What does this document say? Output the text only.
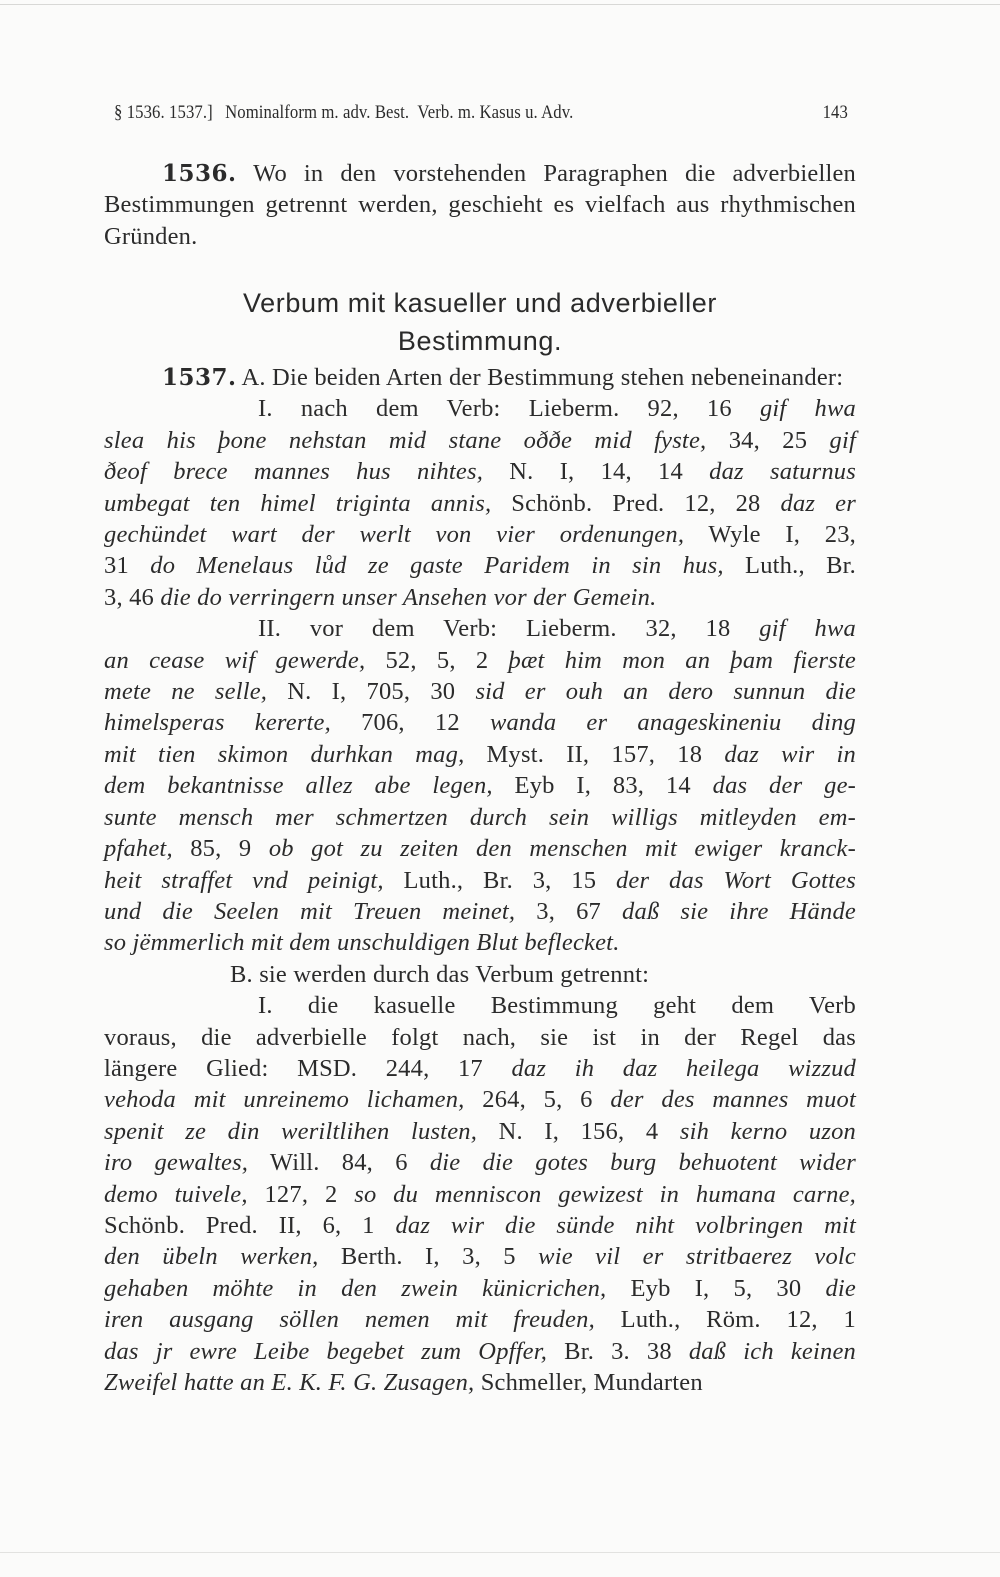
§ 1536. 1537.] Nominalform m. adv. Best.  Verb. m. Kasus u. Adv.	143
1536. Wo in den vorstehenden Paragraphen die adverbiellen Bestimmungen getrennt werden, geschieht es vielfach aus rhythmischen Gründen.
Verbum mit kasueller und adverbieller
Bestimmung.
1537. A. Die beiden Arten der Bestimmung stehen nebeneinander:
I. nach dem Verb: Lieberm. 92, 16 gif hwa
slea his þone nehstan mid stane oððe mid fyste, 34, 25 gif
ðeof brece mannes hus nihtes, N. I, 14, 14 daz saturnus
umbegat ten himel triginta annis, Schönb. Pred. 12, 28 daz er
gechündet wart der werlt von vier ordenungen, Wyle I, 23,
31 do Menelaus lůd ze gaste Paridem in sin hus, Luth., Br.
3, 46 die do verringern unser Ansehen vor der Gemein.
II. vor dem Verb: Lieberm. 32, 18 gif hwa
an cease wif gewerde, 52, 5, 2 þæt him mon an þam fierste
mete ne selle, N. I, 705, 30 sid er ouh an dero sunnun die
himelsperas kererte, 706, 12 wanda er anageskineniu ding
mit tien skimon durhkan mag, Myst. II, 157, 18 daz wir in
dem bekantnisse allez abe legen, Eyb I, 83, 14 das der ge-
sunte mensch mer schmertzen durch sein willigs mitleyden em-
pfahet, 85, 9 ob got zu zeiten den menschen mit ewiger kranck-
heit straffet vnd peinigt, Luth., Br. 3, 15 der das Wort Gottes
und die Seelen mit Treuen meinet, 3, 67 daß sie ihre Hände
so jëmmerlich mit dem unschuldigen Blut beflecket.
B. sie werden durch das Verbum getrennt:
I. die kasuelle Bestimmung geht dem Verb
voraus, die adverbielle folgt nach, sie ist in der Regel das
längere Glied: MSD. 244, 17 daz ih daz heilega wizzud
vehoda mit unreinemo lichamen, 264, 5, 6 der des mannes muot
spenit ze din weriltlihen lusten, N. I, 156, 4 sih kerno uzon
iro gewaltes, Will. 84, 6 die die gotes burg behuotent wider
demo tuivele, 127, 2 so du menniscon gewizest in humana carne,
Schönb. Pred. II, 6, 1 daz wir die sünde niht volbringen mit
den übeln werken, Berth. I, 3, 5 wie vil er stritbaerez volc
gehaben möhte in den zwein künicrichen, Eyb I, 5, 30 die
iren ausgang söllen nemen mit freuden, Luth., Röm. 12, 1
das jr ewre Leibe begebet zum Opffer, Br. 3. 38 daß ich keinen
Zweifel hatte an E. K. F. G. Zusagen, Schmeller, Mundarten
